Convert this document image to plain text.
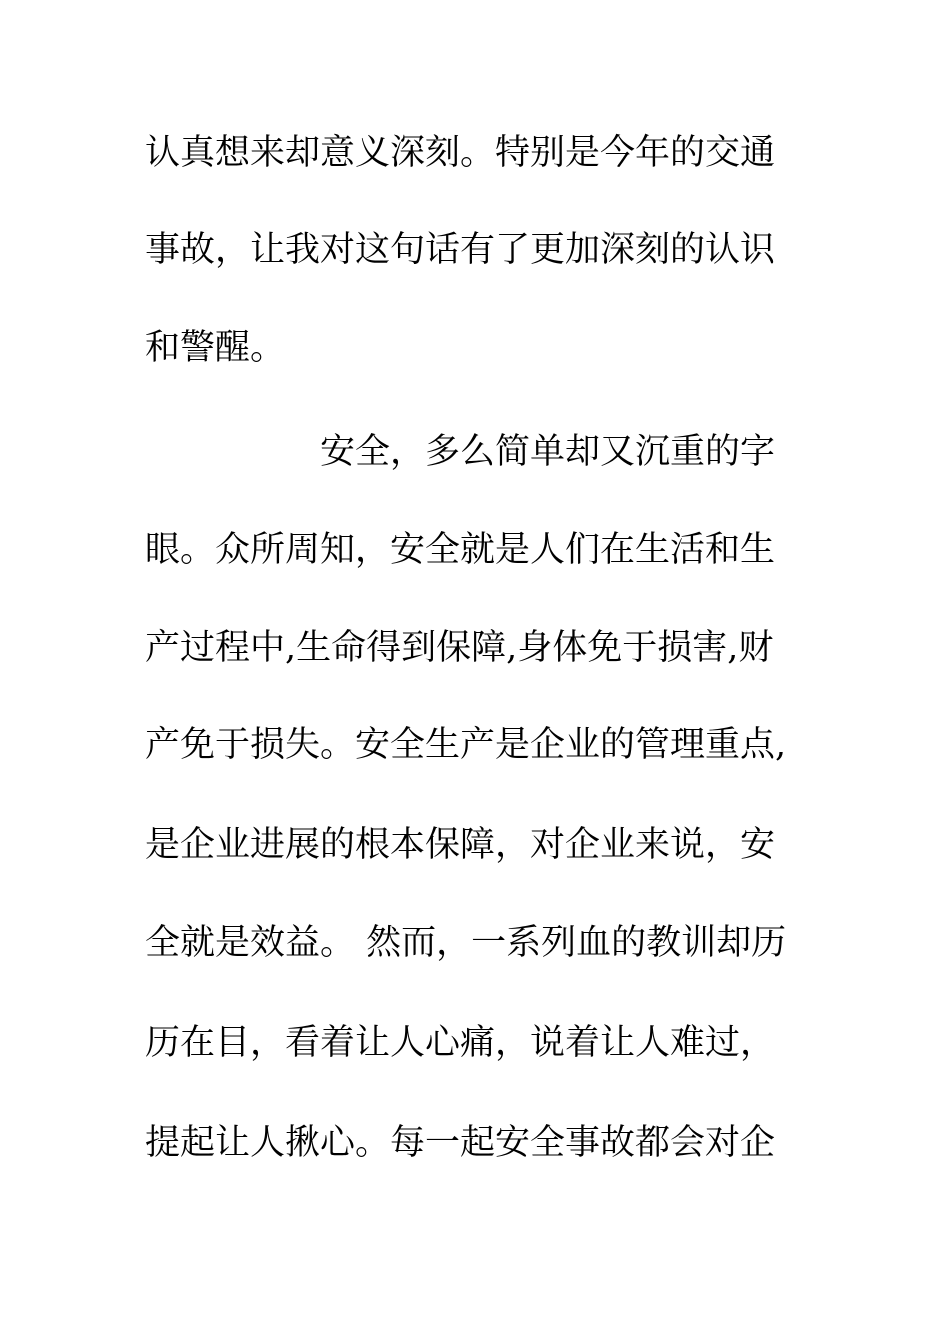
认真想来却意义深刻。特别是今年的交通
事故，让我对这句话有了更加深刻的认识
和警醒。
安全，多么简单却又沉重的字
眼。众所周知，安全就是人们在生活和生
产过程中,生命得到保障,身体免于损害,财
产免于损失。安全生产是企业的管理重点,
是企业进展的根本保障，对企业来说，安
全就是效益。 然而，一系列血的教训却历
历在目，看着让人心痛，说着让人难过，
提起让人揪心。每一起安全事故都会对企
